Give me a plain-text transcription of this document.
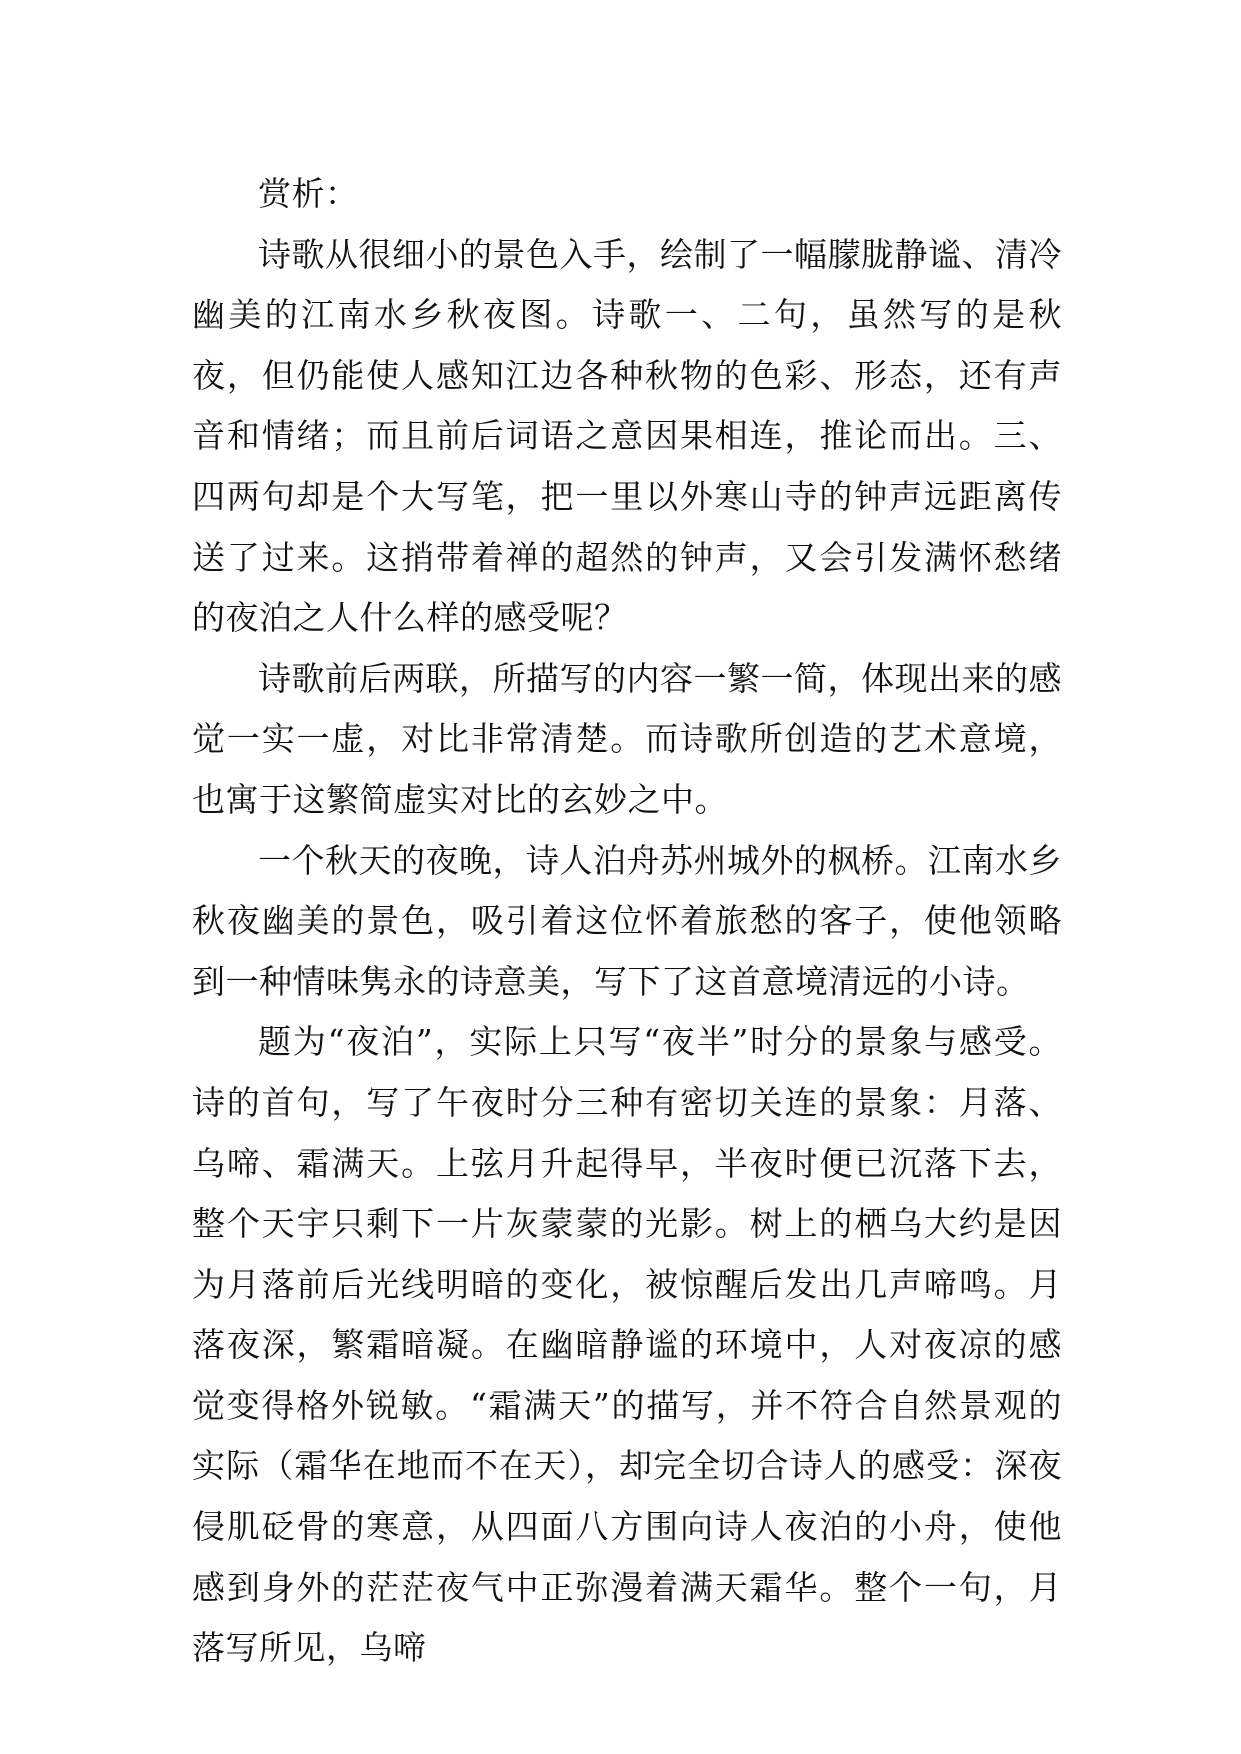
赏析：

诗歌从很细小的景色入手，绘制了一幅朦胧静谧、清冷幽美的江南水乡秋夜图。诗歌一、二句，虽然写的是秋夜，但仍能使人感知江边各种秋物的色彩、形态，还有声音和情绪；而且前后词语之意因果相连，推论而出。三、四两句却是个大写笔，把一里以外寒山寺的钟声远距离传送了过来。这捎带着禅的超然的钟声，又会引发满怀愁绪的夜泊之人什么样的感受呢？

诗歌前后两联，所描写的内容一繁一简，体现出来的感觉一实一虚，对比非常清楚。而诗歌所创造的艺术意境，也寓于这繁简虚实对比的玄妙之中。

一个秋天的夜晚，诗人泊舟苏州城外的枫桥。江南水乡秋夜幽美的景色，吸引着这位怀着旅愁的客子，使他领略到一种情味隽永的诗意美，写下了这首意境清远的小诗。

题为“夜泊”，实际上只写“夜半”时分的景象与感受。诗的首句，写了午夜时分三种有密切关连的景象：月落、乌啼、霜满天。上弦月升起得早，半夜时便已沉落下去，整个天宇只剩下一片灰蒙蒙的光影。树上的栖乌大约是因为月落前后光线明暗的变化，被惊醒后发出几声啼鸣。月落夜深，繁霜暗凝。在幽暗静谧的环境中，人对夜凉的感觉变得格外锐敏。“霜满天”的描写，并不符合自然景观的实际（霜华在地而不在天），却完全切合诗人的感受：深夜侵肌砭骨的寒意，从四面八方围向诗人夜泊的小舟，使他感到身外的茫茫夜气中正弥漫着满天霜华。整个一句，月落写所见，乌啼
